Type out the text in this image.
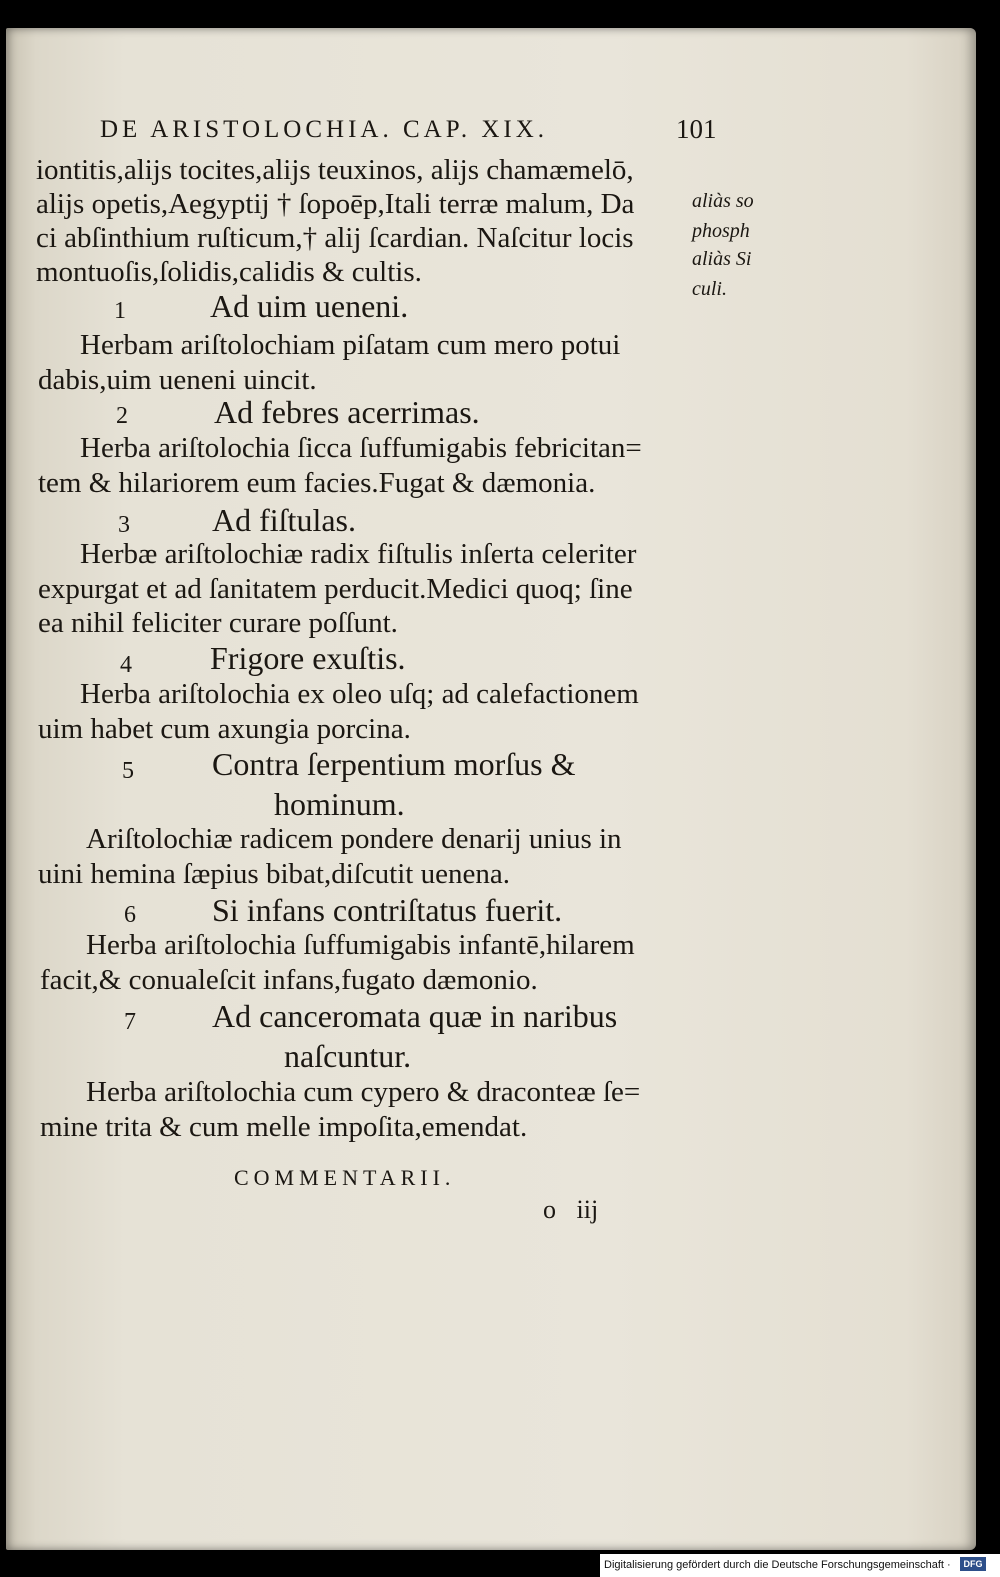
DE ARISTOLOCHIA. CAP. XIX.	101
aliàs so
phosph
aliàs Si
culi.
iontitis,aliјs tocites,aliјs teuxinos, aliјs chamæmelō,
aliјs opetis,Aegyptiј † ſopoēp,Itali terræ malum, Da
ci abſinthium ruſticum,† aliј ſcardian. Naſcitur locis
montuoſis,ſolidis,calidis & cultis.
1	Ad uim ueneni.
Herbam ariſtolochiam piſatam cum mero potui
dabis,uim ueneni uincit.
2	Ad febres acerrimas.
Herba ariſtolochia ſicca ſuffumigabis febricitan=
tem & hilariorem eum facies.Fugat & dæmonia.
3	Ad fiſtulas.
Herbæ ariſtolochiæ radix fiſtulis inſerta celeriter
expurgat et ad ſanitatem perducit.Medici quoq; ſine
ea nihil feliciter curare poſſunt.
4 Frigore exuſtis.
Herba ariſtolochia ex oleo uſq; ad calefactionem
uim habet cum axungia porcina.
5 Contra ſerpentium morſus &
hominum.
Ariſtolochiæ radicem pondere denariј unius in
uini hemina ſæpius bibat,diſcutit uenena.
6 Si infans contriſtatus fuerit.
Herba ariſtolochia ſuffumigabis infantē,hilarem
facit,& conualeſcit infans,fugato dæmonio.
7 Ad canceromata quæ in naribus
naſcuntur.
Herba ariſtolochia cum cypero & draconteæ ſe=
mine trita & cum melle impoſita,emendat.
COMMENTARII.
o iiј
Digitalisierung gefördert durch die Deutsche Forschungsgemeinschaft ·	DFG
